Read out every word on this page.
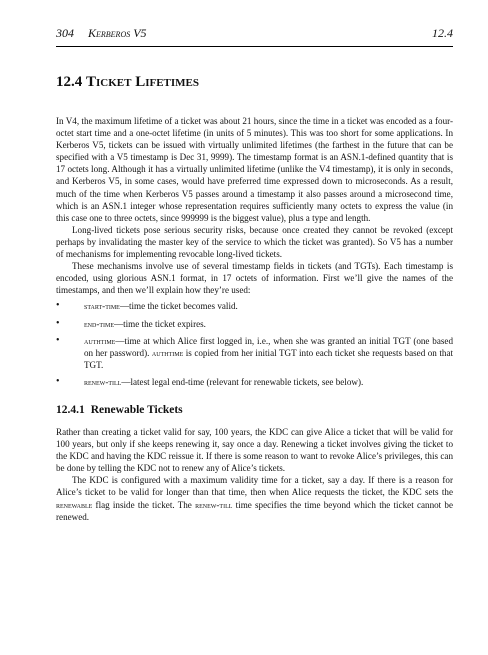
304 Kerberos V5	12.4
12.4 Ticket Lifetimes

In V4, the maximum lifetime of a ticket was about 21 hours, since the time in a ticket was encoded as a four-octet start time and a one-octet lifetime (in units of 5 minutes). This was too short for some applications. In Kerberos V5, tickets can be issued with virtually unlimited lifetimes (the farthest in the future that can be specified with a V5 timestamp is Dec 31, 9999). The timestamp format is an ASN.1-defined quantity that is 17 octets long. Although it has a virtually unlimited lifetime (unlike the V4 timestamp), it is only in seconds, and Kerberos V5, in some cases, would have preferred time expressed down to microseconds. As a result, much of the time when Kerberos V5 passes around a timestamp it also passes around a microsecond time, which is an ASN.1 integer whose representation requires sufficiently many octets to express the value (in this case one to three octets, since 999999 is the biggest value), plus a type and length.

Long-lived tickets pose serious security risks, because once created they cannot be revoked (except perhaps by invalidating the master key of the service to which the ticket was granted). So V5 has a number of mechanisms for implementing revocable long-lived tickets.

These mechanisms involve use of several timestamp fields in tickets (and TGTs). Each timestamp is encoded, using glorious ASN.1 format, in 17 octets of information. First we’ll give the names of the timestamps, and then we’ll explain how they’re used:

•	start-time—time the ticket becomes valid.
•	end-time—time the ticket expires.
•	authtime—time at which Alice first logged in, i.e., when she was granted an initial TGT (one based on her password). authtime is copied from her initial TGT into each ticket she requests based on that TGT.
•	renew-till—latest legal end-time (relevant for renewable tickets, see below).
12.4.1 Renewable Tickets

Rather than creating a ticket valid for say, 100 years, the KDC can give Alice a ticket that will be valid for 100 years, but only if she keeps renewing it, say once a day. Renewing a ticket involves giving the ticket to the KDC and having the KDC reissue it. If there is some reason to want to revoke Alice’s privileges, this can be done by telling the KDC not to renew any of Alice’s tickets.

The KDC is configured with a maximum validity time for a ticket, say a day. If there is a reason for Alice’s ticket to be valid for longer than that time, then when Alice requests the ticket, the KDC sets the renewable flag inside the ticket. The renew-till time specifies the time beyond which the ticket cannot be renewed.
